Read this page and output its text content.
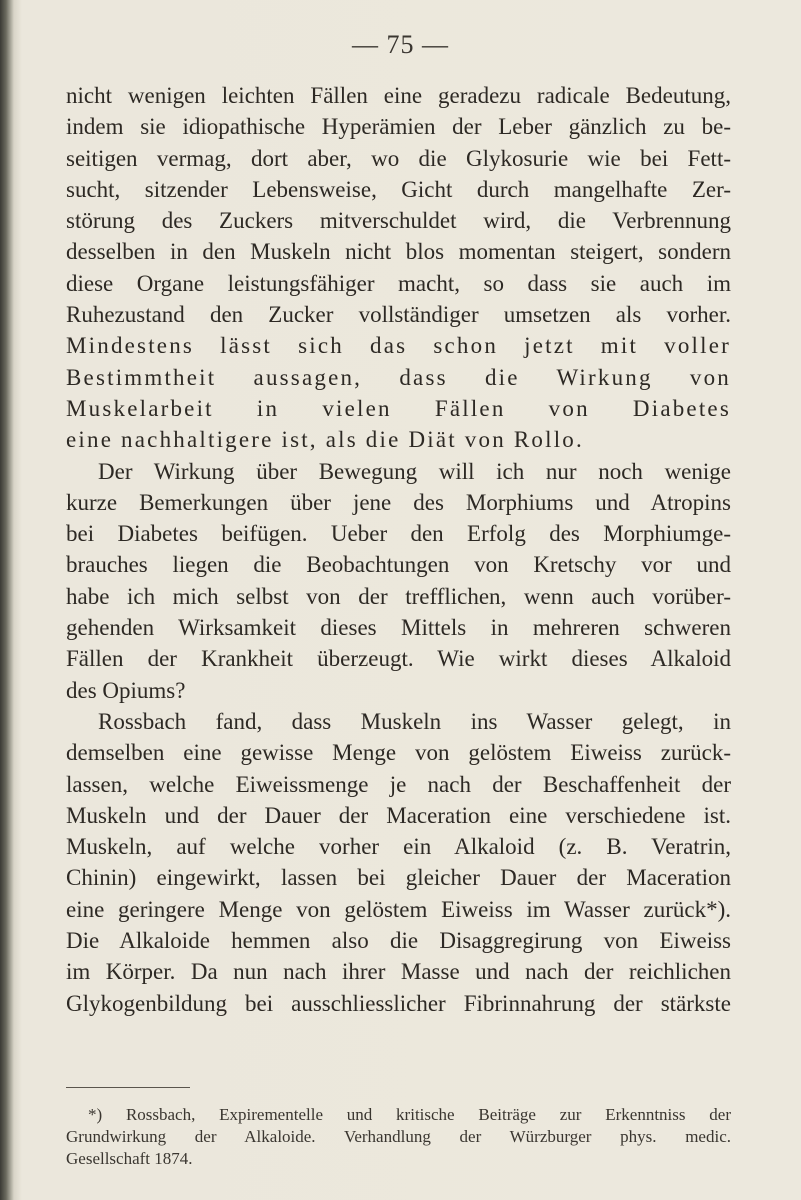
— 75 —
nicht wenigen leichten Fällen eine geradezu radicale Bedeutung,
indem sie idiopathische Hyperämien der Leber gänzlich zu be-
seitigen vermag, dort aber, wo die Glykosurie wie bei Fett-
sucht, sitzender Lebensweise, Gicht durch mangelhafte Zer-
störung des Zuckers mitverschuldet wird, die Verbrennung
desselben in den Muskeln nicht blos momentan steigert, sondern
diese Organe leistungsfähiger macht, so dass sie auch im
Ruhezustand den Zucker vollständiger umsetzen als vorher.
Mindestens lässt sich das schon jetzt mit voller
Bestimmtheit aussagen, dass die Wirkung von
Muskelarbeit in vielen Fällen von Diabetes
eine nachhaltigere ist, als die Diät von Rollo.
Der Wirkung über Bewegung will ich nur noch wenige
kurze Bemerkungen über jene des Morphiums und Atropins
bei Diabetes beifügen. Ueber den Erfolg des Morphiumge-
brauches liegen die Beobachtungen von Kretschy vor und
habe ich mich selbst von der trefflichen, wenn auch vorüber-
gehenden Wirksamkeit dieses Mittels in mehreren schweren
Fällen der Krankheit überzeugt. Wie wirkt dieses Alkaloid
des Opiums?
Rossbach fand, dass Muskeln ins Wasser gelegt, in
demselben eine gewisse Menge von gelöstem Eiweiss zurück-
lassen, welche Eiweissmenge je nach der Beschaffenheit der
Muskeln und der Dauer der Maceration eine verschiedene ist.
Muskeln, auf welche vorher ein Alkaloid (z. B. Veratrin,
Chinin) eingewirkt, lassen bei gleicher Dauer der Maceration
eine geringere Menge von gelöstem Eiweiss im Wasser zurück*).
Die Alkaloide hemmen also die Disaggregirung von Eiweiss
im Körper. Da nun nach ihrer Masse und nach der reichlichen
Glykogenbildung bei ausschliesslicher Fibrinnahrung der stärkste
*) Rossbach, Expirementelle und kritische Beiträge zur Erkenntniss der
Grundwirkung der Alkaloide. Verhandlung der Würzburger phys. medic.
Gesellschaft 1874.
